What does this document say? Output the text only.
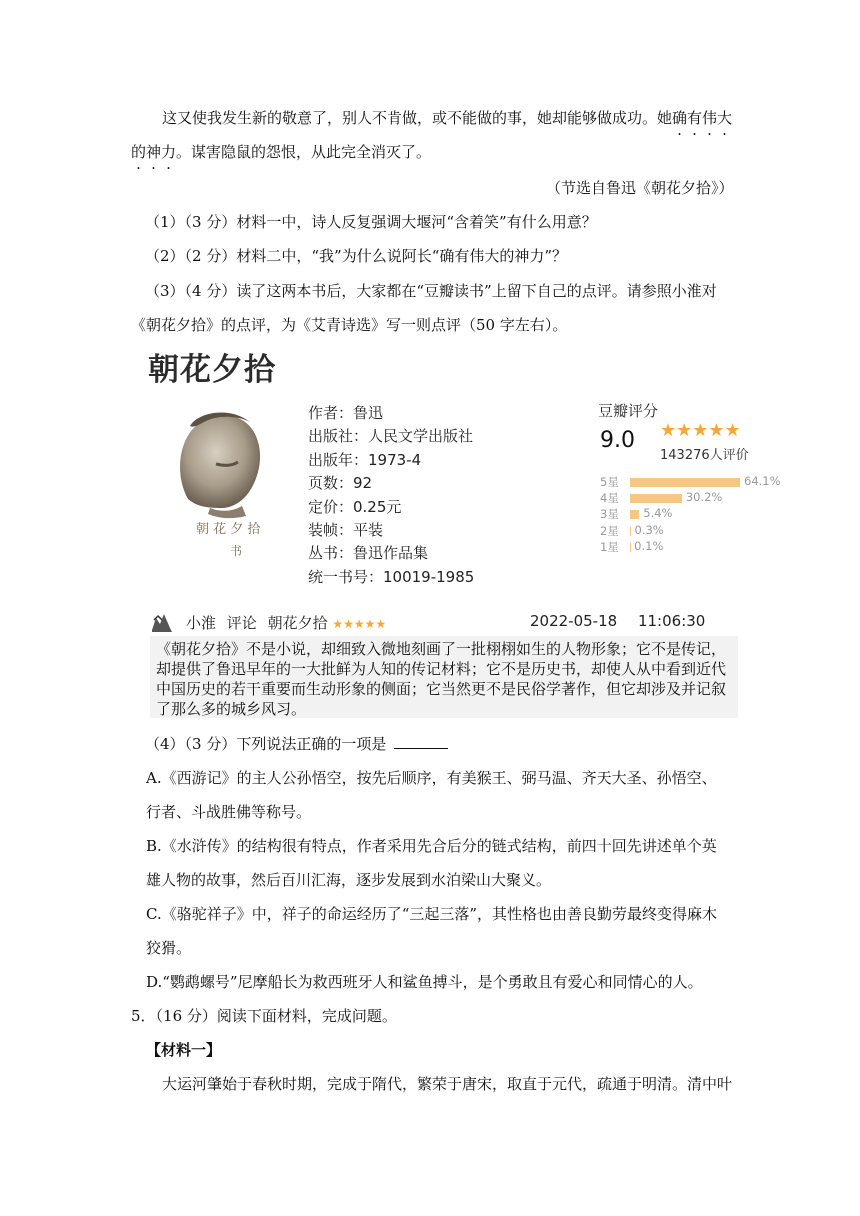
这又使我发生新的敬意了，别人不肯做，或不能做的事，她却能够做成功。她确有伟大
的神力。谋害隐鼠的怨恨，从此完全消灭了。
（节选自鲁迅《朝花夕拾》）
（1）（3 分）材料一中，诗人反复强调大堰河“含着笑”有什么用意？
（2）（2 分）材料二中，“我”为什么说阿长“确有伟大的神力”？
（3）（4 分）读了这两本书后，大家都在“豆瓣读书”上留下自己的点评。请参照小淮对
《朝花夕拾》的点评，为《艾青诗选》写一则点评（50 字左右）。
朝花夕拾
朝 花 夕 拾
书
作者：鲁迅
出版社：人民文学出版社
出版年：1973-4
页数：92
定价：0.25元
装帧：平装
丛书：鲁迅作品集
统一书号：10019-1985
豆瓣评分
9.0 ★★★★★
143276人评价
5星	64.1%
4星	30.2%
3星	5.4%
2星	0.3%
1星	0.1%
小淮 评论 朝花夕拾 ★★★★★	2022-05-18 11:06:30
《朝花夕拾》不是小说，却细致入微地刻画了一批栩栩如生的人物形象；它不是传记，
却提供了鲁迅早年的一大批鲜为人知的传记材料；它不是历史书，却使人从中看到近代
中国历史的若干重要而生动形象的侧面；它当然更不是民俗学著作，但它却涉及并记叙
了那么多的城乡风习。
（4）（3 分）下列说法正确的一项是
A.《西游记》的主人公孙悟空，按先后顺序，有美猴王、弼马温、齐天大圣、孙悟空、
行者、斗战胜佛等称号。
B.《水浒传》的结构很有特点，作者采用先合后分的链式结构，前四十回先讲述单个英
雄人物的故事，然后百川汇海，逐步发展到水泊梁山大聚义。
C.《骆驼祥子》中，祥子的命运经历了“三起三落”，其性格也由善良勤劳最终变得麻木
狡猾。
D.“鹦鹉螺号”尼摩船长为救西班牙人和鲨鱼搏斗，是个勇敢且有爱心和同情心的人。
5．（16 分）阅读下面材料，完成问题。
【材料一】
大运河肇始于春秋时期，完成于隋代，繁荣于唐宋，取直于元代，疏通于明清。清中叶
